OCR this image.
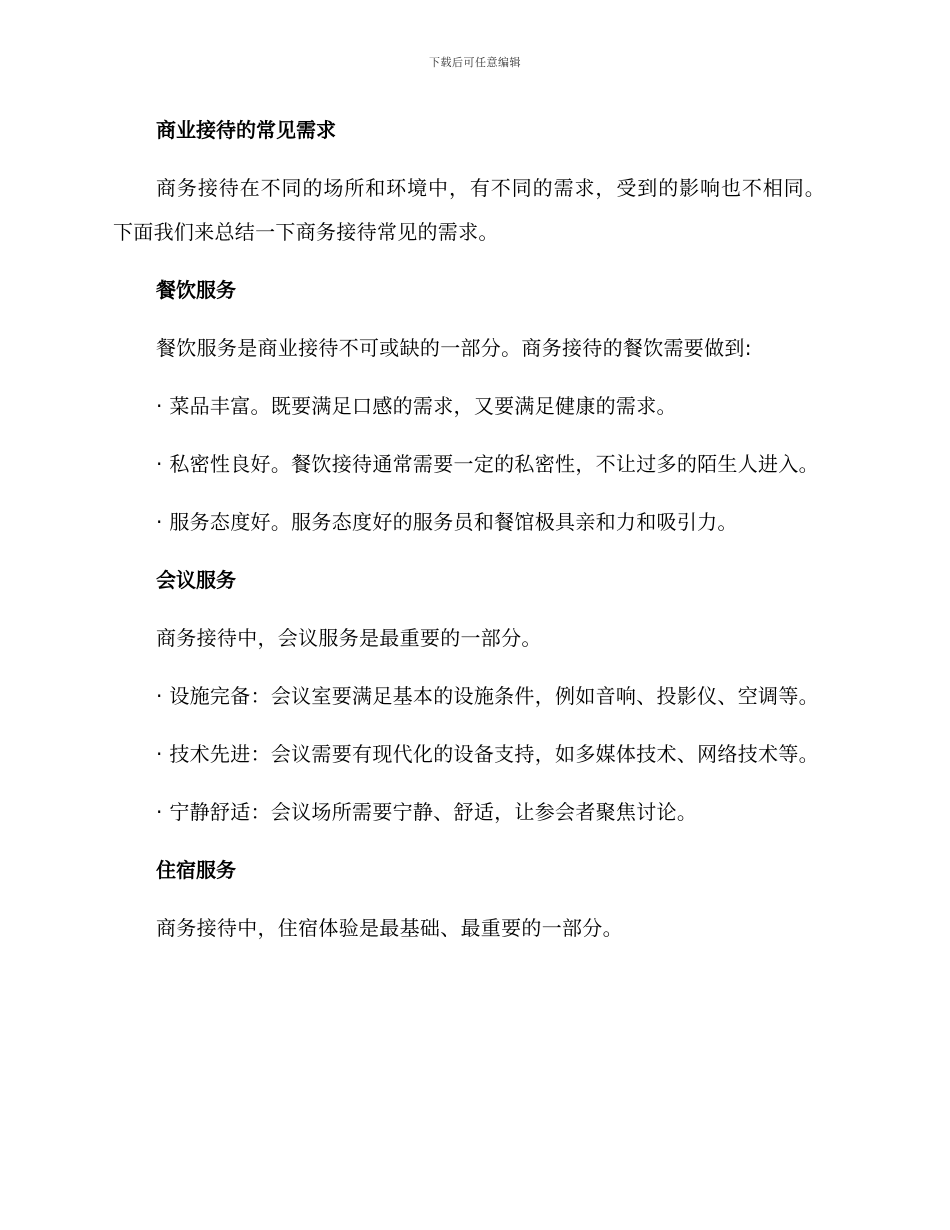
下载后可任意编辑
商业接待的常见需求

商务接待在不同的场所和环境中，有不同的需求，受到的影响也不相同。下面我们来总结一下商务接待常见的需求。

餐饮服务

餐饮服务是商业接待不可或缺的一部分。商务接待的餐饮需要做到:

· 菜品丰富。既要满足口感的需求，又要满足健康的需求。

· 私密性良好。餐饮接待通常需要一定的私密性，不让过多的陌生人进入。

· 服务态度好。服务态度好的服务员和餐馆极具亲和力和吸引力。

会议服务

商务接待中，会议服务是最重要的一部分。

· 设施完备：会议室要满足基本的设施条件，例如音响、投影仪、空调等。

· 技术先进：会议需要有现代化的设备支持，如多媒体技术、网络技术等。

· 宁静舒适：会议场所需要宁静、舒适，让参会者聚焦讨论。

住宿服务

商务接待中，住宿体验是最基础、最重要的一部分。
